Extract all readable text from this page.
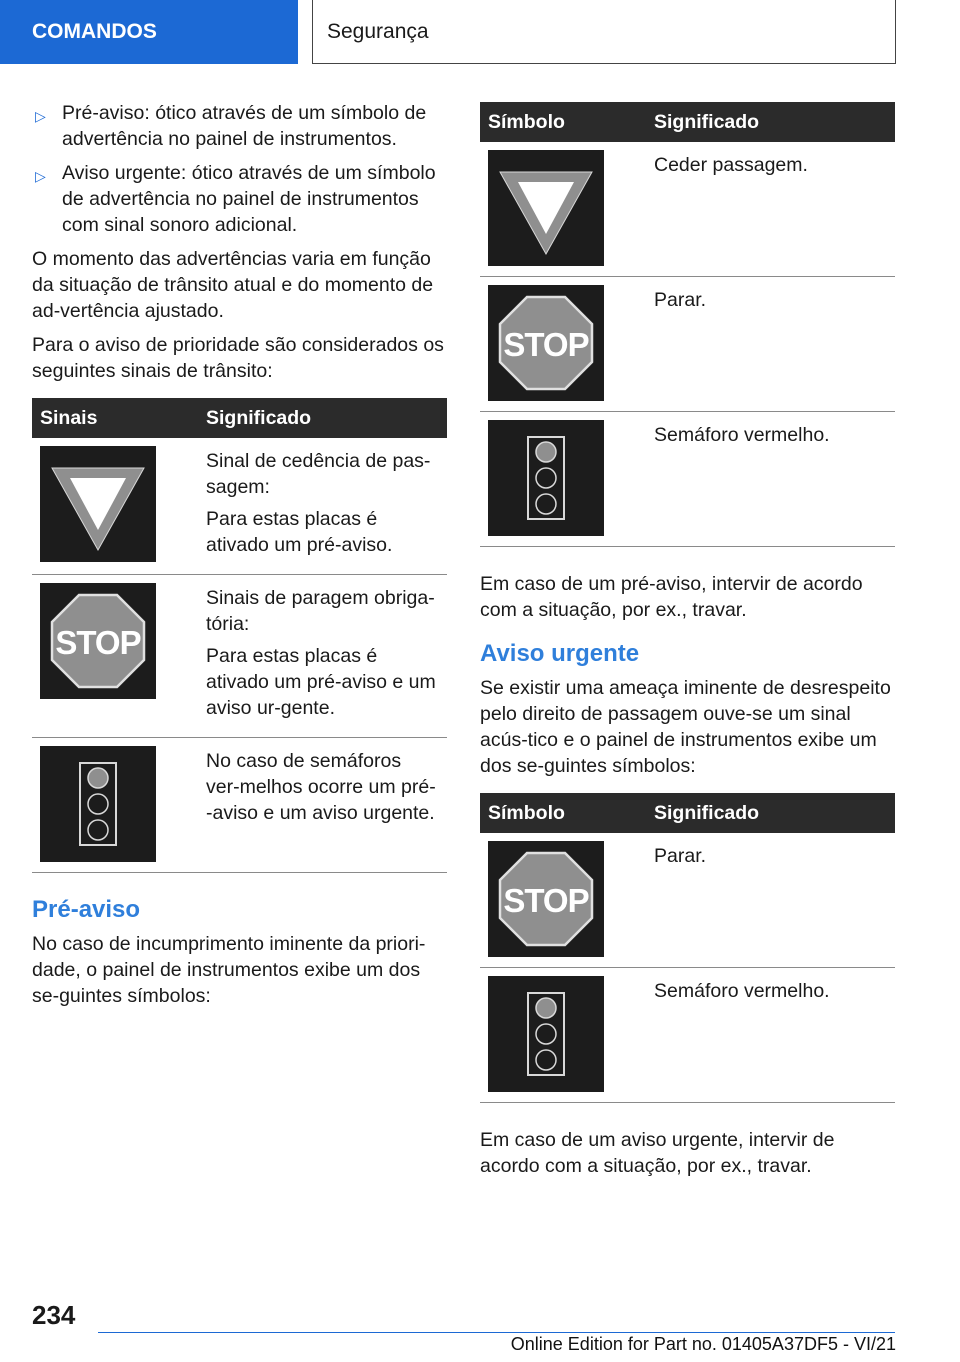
COMANDOS	Segurança
▷ Pré-aviso: ótico através de um símbolo de advertência no painel de instrumentos.
▷ Aviso urgente: ótico através de um símbolo de advertência no painel de instrumentos com sinal sonoro adicional.

O momento das advertências varia em função da situação de trânsito atual e do momento de ad-vertência ajustado.

Para o aviso de prioridade são considerados os seguintes sinais de trânsito:

Sinais	Significado

Sinal de cedência de pas-sagem:
Para estas placas é ativado um pré-aviso.

STOP	Sinais de paragem obriga-tória:
Para estas placas é ativado um pré-aviso e um aviso ur-gente.

No caso de semáforos ver-melhos ocorre um pré--aviso e um aviso urgente.
Pré-aviso

No caso de incumprimento iminente da priori-dade, o painel de instrumentos exibe um dos se-guintes símbolos:

Símbolo	Significado

Ceder passagem.

STOP	Parar.

Semáforo vermelho.

Em caso de um pré-aviso, intervir de acordo com a situação, por ex., travar.

Aviso urgente

Se existir uma ameaça iminente de desrespeito pelo direito de passagem ouve-se um sinal acús-tico e o painel de instrumentos exibe um dos se-guintes símbolos:

Símbolo	Significado

STOP	Parar.

Semáforo vermelho.

Em caso de um aviso urgente, intervir de acordo com a situação, por ex., travar.

234
Online Edition for Part no. 01405A37DF5 - VI/21
